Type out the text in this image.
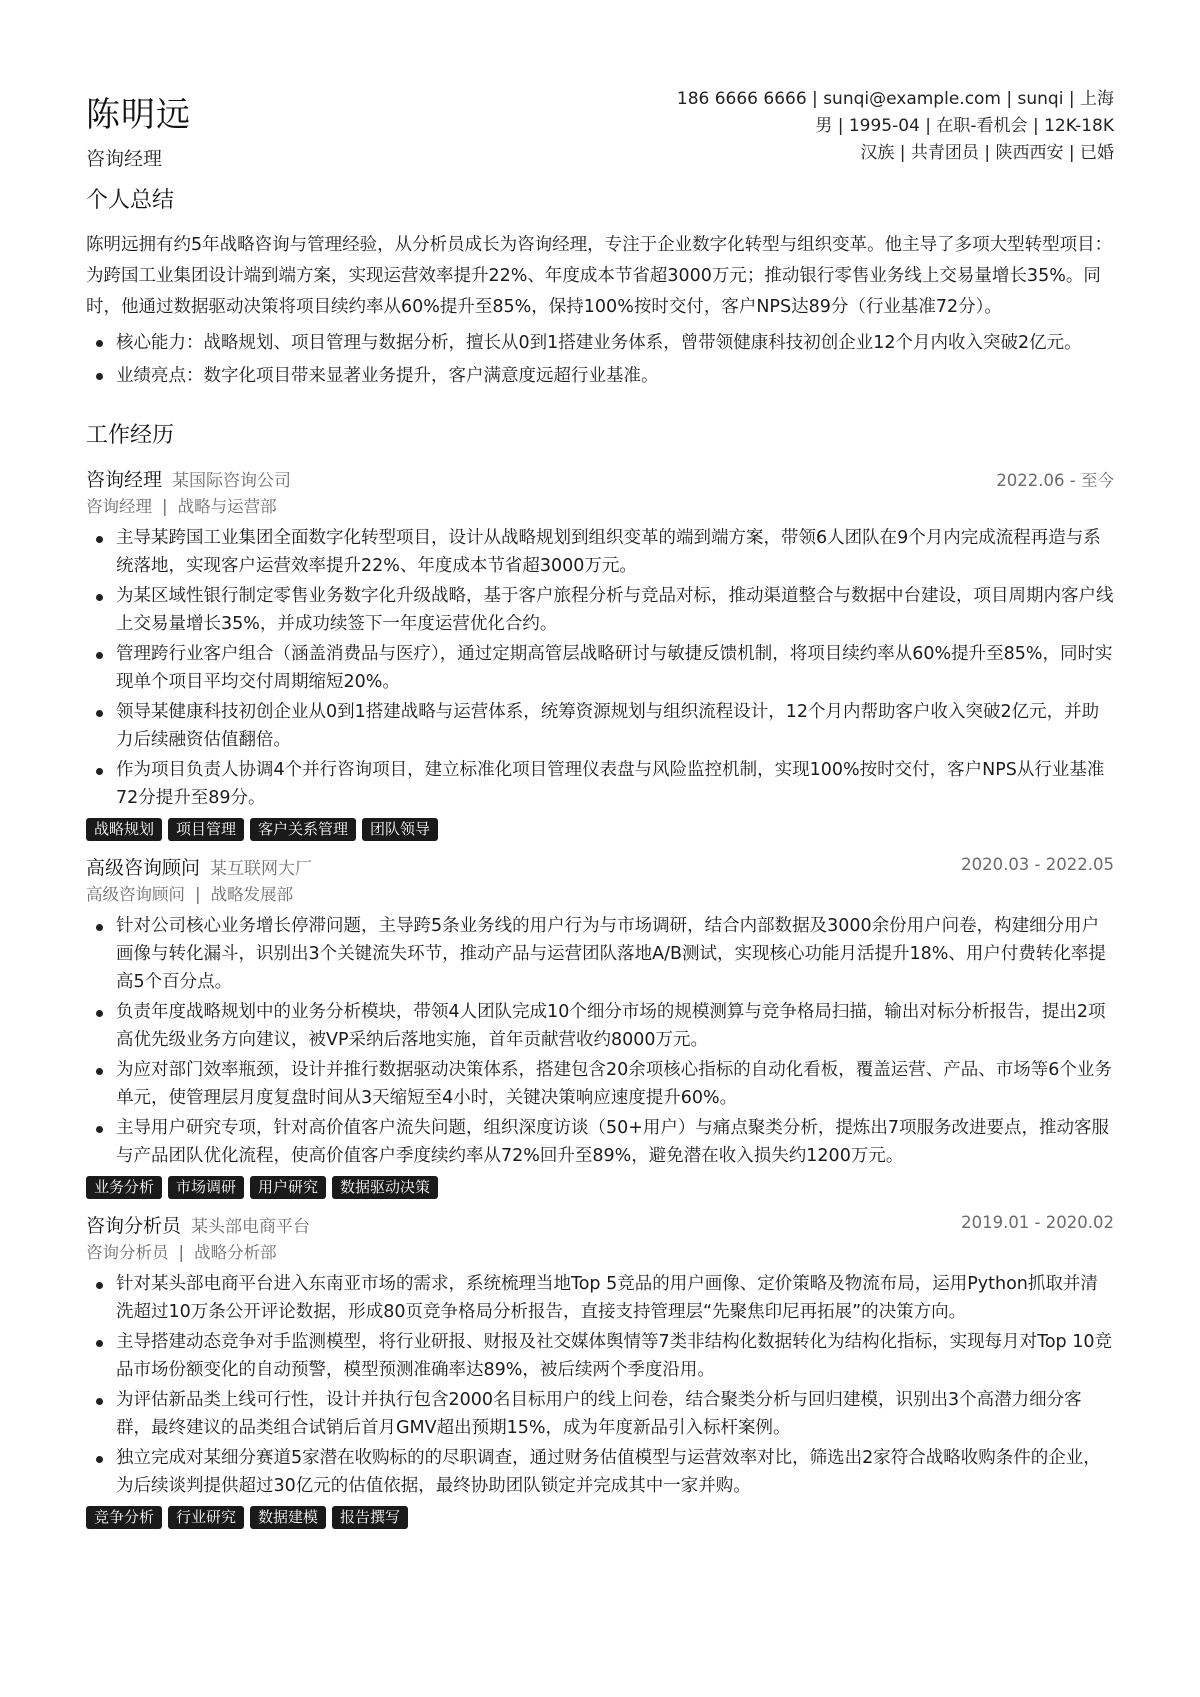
陈明远
咨询经理
186 6666 6666 | sunqi@example.com | sunqi | 上海
男 | 1995-04 | 在职-看机会 | 12K-18K
汉族 | 共青团员 | 陕西西安 | 已婚
个人总结

陈明远拥有约5年战略咨询与管理经验，从分析员成长为咨询经理，专注于企业数字化转型与组织变革。他主导了多项大型转型项目：为跨国工业集团设计端到端方案，实现运营效率提升22%、年度成本节省超3000万元；推动银行零售业务线上交易量增长35%。同时，他通过数据驱动决策将项目续约率从60%提升至85%，保持100%按时交付，客户NPS达89分（行业基准72分）。

核心能力：战略规划、项目管理与数据分析，擅长从0到1搭建业务体系，曾带领健康科技初创企业12个月内收入突破2亿元。
业绩亮点：数字化项目带来显著业务提升，客户满意度远超行业基准。
工作经历
咨询经理 某国际咨询公司	2022.06 - 至今
咨询经理 | 战略与运营部
主导某跨国工业集团全面数字化转型项目，设计从战略规划到组织变革的端到端方案，带领6人团队在9个月内完成流程再造与系统落地，实现客户运营效率提升22%、年度成本节省超3000万元。
为某区域性银行制定零售业务数字化升级战略，基于客户旅程分析与竞品对标，推动渠道整合与数据中台建设，项目周期内客户线上交易量增长35%，并成功续签下一年度运营优化合约。
管理跨行业客户组合（涵盖消费品与医疗），通过定期高管层战略研讨与敏捷反馈机制，将项目续约率从60%提升至85%，同时实现单个项目平均交付周期缩短20%。
领导某健康科技初创企业从0到1搭建战略与运营体系，统筹资源规划与组织流程设计，12个月内帮助客户收入突破2亿元，并助力后续融资估值翻倍。
作为项目负责人协调4个并行咨询项目，建立标准化项目管理仪表盘与风险监控机制，实现100%按时交付，客户NPS从行业基准72分提升至89分。
战略规划	项目管理	客户关系管理	团队领导
高级咨询顾问 某互联网大厂	2020.03 - 2022.05
高级咨询顾问 | 战略发展部
针对公司核心业务增长停滞问题，主导跨5条业务线的用户行为与市场调研，结合内部数据及3000余份用户问卷，构建细分用户画像与转化漏斗，识别出3个关键流失环节，推动产品与运营团队落地A/B测试，实现核心功能月活提升18%、用户付费转化率提高5个百分点。
负责年度战略规划中的业务分析模块，带领4人团队完成10个细分市场的规模测算与竞争格局扫描，输出对标分析报告，提出2项高优先级业务方向建议，被VP采纳后落地实施，首年贡献营收约8000万元。
为应对部门效率瓶颈，设计并推行数据驱动决策体系，搭建包含20余项核心指标的自动化看板，覆盖运营、产品、市场等6个业务单元，使管理层月度复盘时间从3天缩短至4小时，关键决策响应速度提升60%。
主导用户研究专项，针对高价值客户流失问题，组织深度访谈（50+用户）与痛点聚类分析，提炼出7项服务改进要点，推动客服与产品团队优化流程，使高价值客户季度续约率从72%回升至89%，避免潜在收入损失约1200万元。
业务分析	市场调研	用户研究	数据驱动决策
咨询分析员 某头部电商平台	2019.01 - 2020.02
咨询分析员 | 战略分析部
针对某头部电商平台进入东南亚市场的需求，系统梳理当地Top 5竞品的用户画像、定价策略及物流布局，运用Python抓取并清洗超过10万条公开评论数据，形成80页竞争格局分析报告，直接支持管理层“先聚焦印尼再拓展”的决策方向。
主导搭建动态竞争对手监测模型，将行业研报、财报及社交媒体舆情等7类非结构化数据转化为结构化指标，实现每月对Top 10竞品市场份额变化的自动预警，模型预测准确率达89%，被后续两个季度沿用。
为评估新品类上线可行性，设计并执行包含2000名目标用户的线上问卷，结合聚类分析与回归建模，识别出3个高潜力细分客群，最终建议的品类组合试销后首月GMV超出预期15%，成为年度新品引入标杆案例。
独立完成对某细分赛道5家潜在收购标的的尽职调查，通过财务估值模型与运营效率对比，筛选出2家符合战略收购条件的企业，为后续谈判提供超过30亿元的估值依据，最终协助团队锁定并完成其中一家并购。
竞争分析	行业研究	数据建模	报告撰写
